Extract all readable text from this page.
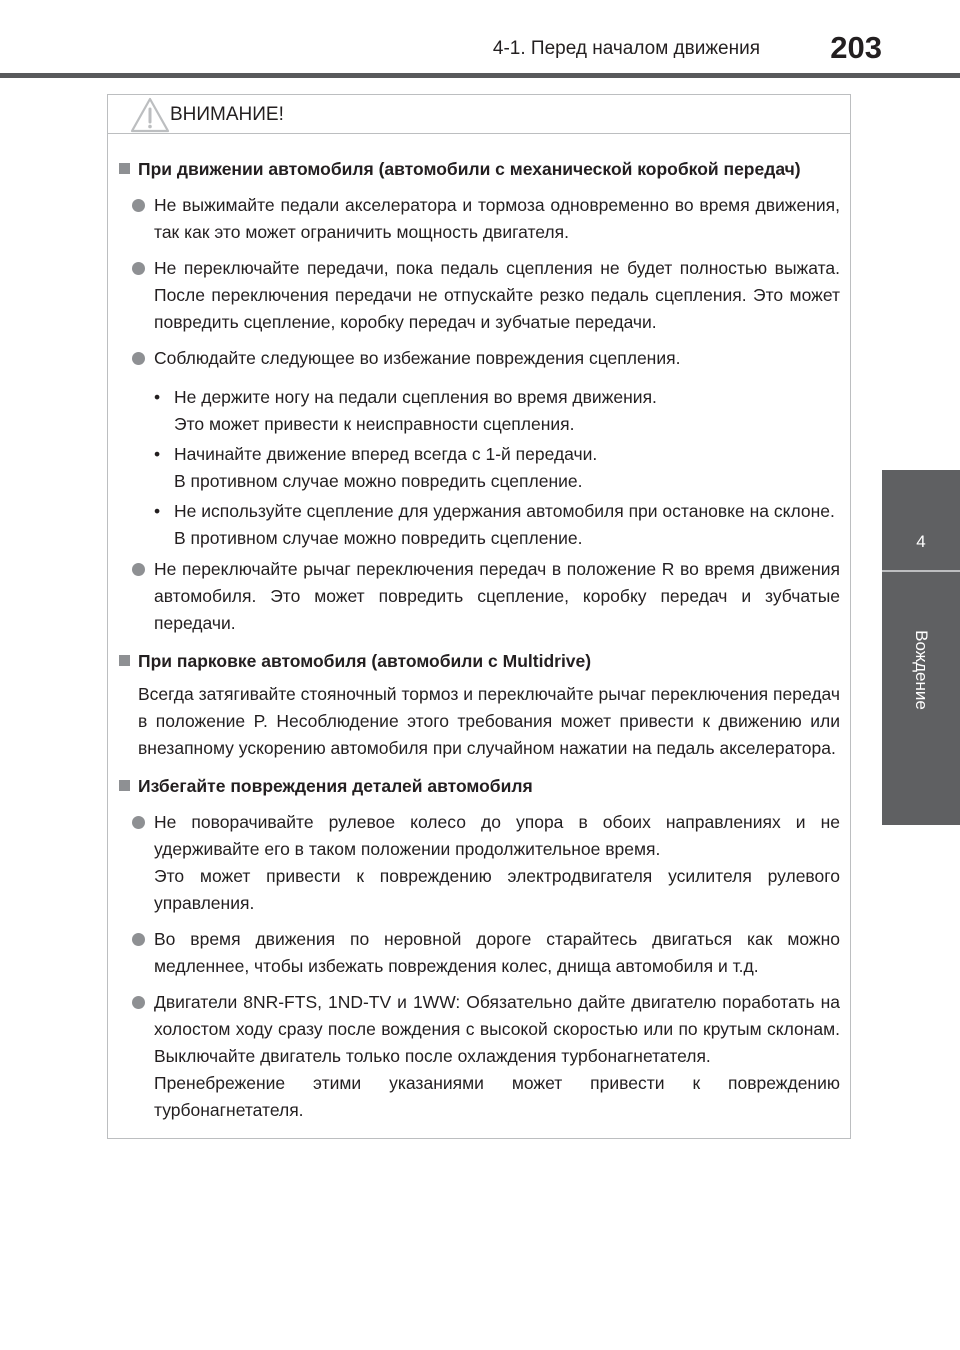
4-1. Перед началом движения 203
4
Вождение
ВНИМАНИЕ!
При движении автомобиля (автомобили с механической коробкой передач)
Не выжимайте педали акселератора и тормоза одновременно во время движения, так как это может ограничить мощность двигателя.
Не переключайте передачи, пока педаль сцепления не будет полностью выжата. После переключения передачи не отпускайте резко педаль сцепления. Это может повредить сцепление, коробку передач и зубчатые передачи.
Соблюдайте следующее во избежание повреждения сцепления.
• Не держите ногу на педали сцепления во время движения.
Это может привести к неисправности сцепления.
• Начинайте движение вперед всегда с 1-й передачи.
В противном случае можно повредить сцепление.
• Не используйте сцепление для удержания автомобиля при остановке на склоне.
В противном случае можно повредить сцепление.
Не переключайте рычаг переключения передач в положение R во время движения автомобиля. Это может повредить сцепление, коробку передач и зубчатые передачи.
При парковке автомобиля (автомобили с Multidrive)
Всегда затягивайте стояночный тормоз и переключайте рычаг переключения передач в положение P. Несоблюдение этого требования может привести к движению или внезапному ускорению автомобиля при случайном нажатии на педаль акселератора.
Избегайте повреждения деталей автомобиля
Не поворачивайте рулевое колесо до упора в обоих направлениях и не удерживайте его в таком положении продолжительное время.
Это может привести к повреждению электродвигателя усилителя рулевого управления.
Во время движения по неровной дороге старайтесь двигаться как можно медленнее, чтобы избежать повреждения колес, днища автомобиля и т.д.
Двигатели 8NR-FTS, 1ND-TV и 1WW: Обязательно дайте двигателю поработать на холостом ходу сразу после вождения с высокой скоростью или по крутым склонам. Выключайте двигатель только после охлаждения турбонагнетателя.
Пренебрежение этими указаниями может привести к повреждению турбонагнетателя.
